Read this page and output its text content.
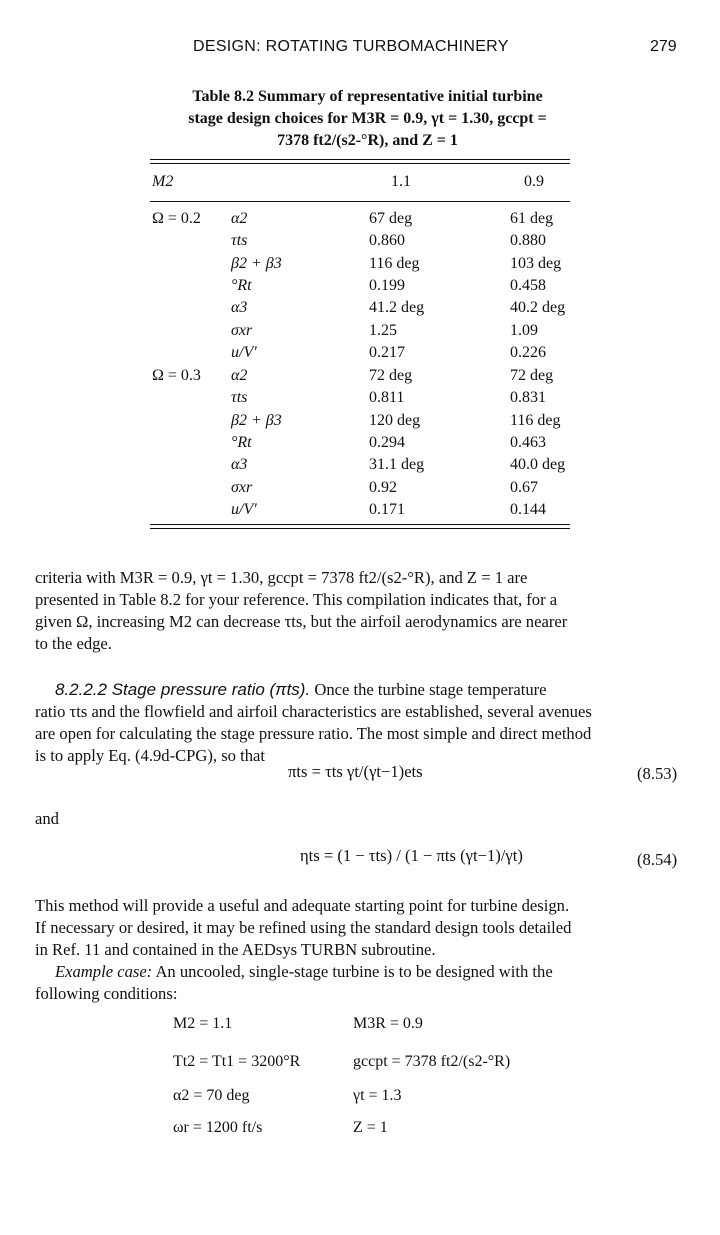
DESIGN: ROTATING TURBOMACHINERY	279
Table 8.2 Summary of representative initial turbine
stage design choices for M3R = 0.9, γt = 1.30, gccpt =
7378 ft2/(s2-°R), and Z = 1
M2	1.1	0.9
Ω = 0.2 α2	67 deg	61 deg
τts	0.860	0.880
β2 + β3	116 deg	103 deg
°Rt	0.199	0.458
α3	41.2 deg	40.2 deg
σxr	1.25	1.09
u/V′	0.217	0.226
Ω = 0.3 α2	72 deg	72 deg
τts	0.811	0.831
β2 + β3	120 deg	116 deg
°Rt	0.294	0.463
α3	31.1 deg	40.0 deg
σxr	0.92	0.67
u/V′	0.171	0.144
criteria with M3R = 0.9, γt = 1.30, gccpt = 7378 ft2/(s2-°R), and Z = 1 are
presented in Table 8.2 for your reference. This compilation indicates that, for a
given Ω, increasing M2 can decrease τts, but the airfoil aerodynamics are nearer
to the edge.
8.2.2.2 Stage pressure ratio (πts). Once the turbine stage temperature
ratio τts and the flowfield and airfoil characteristics are established, several avenues
are open for calculating the stage pressure ratio. The most simple and direct method
is to apply Eq. (4.9d-CPG), so that
πts = τts γt/(γt−1)ets	(8.53)
and
ηts = (1 − τts) / (1 − πts (γt−1)/γt)	(8.54)
This method will provide a useful and adequate starting point for turbine design.
If necessary or desired, it may be refined using the standard design tools detailed
in Ref. 11 and contained in the AEDsys TURBN subroutine.
Example case: An uncooled, single-stage turbine is to be designed with the
following conditions:
M2 = 1.1	M3R = 0.9
Tt2 = Tt1 = 3200°R	gccpt = 7378 ft2/(s2-°R)
α2 = 70 deg	γt = 1.3
ωr = 1200 ft/s	Z = 1
